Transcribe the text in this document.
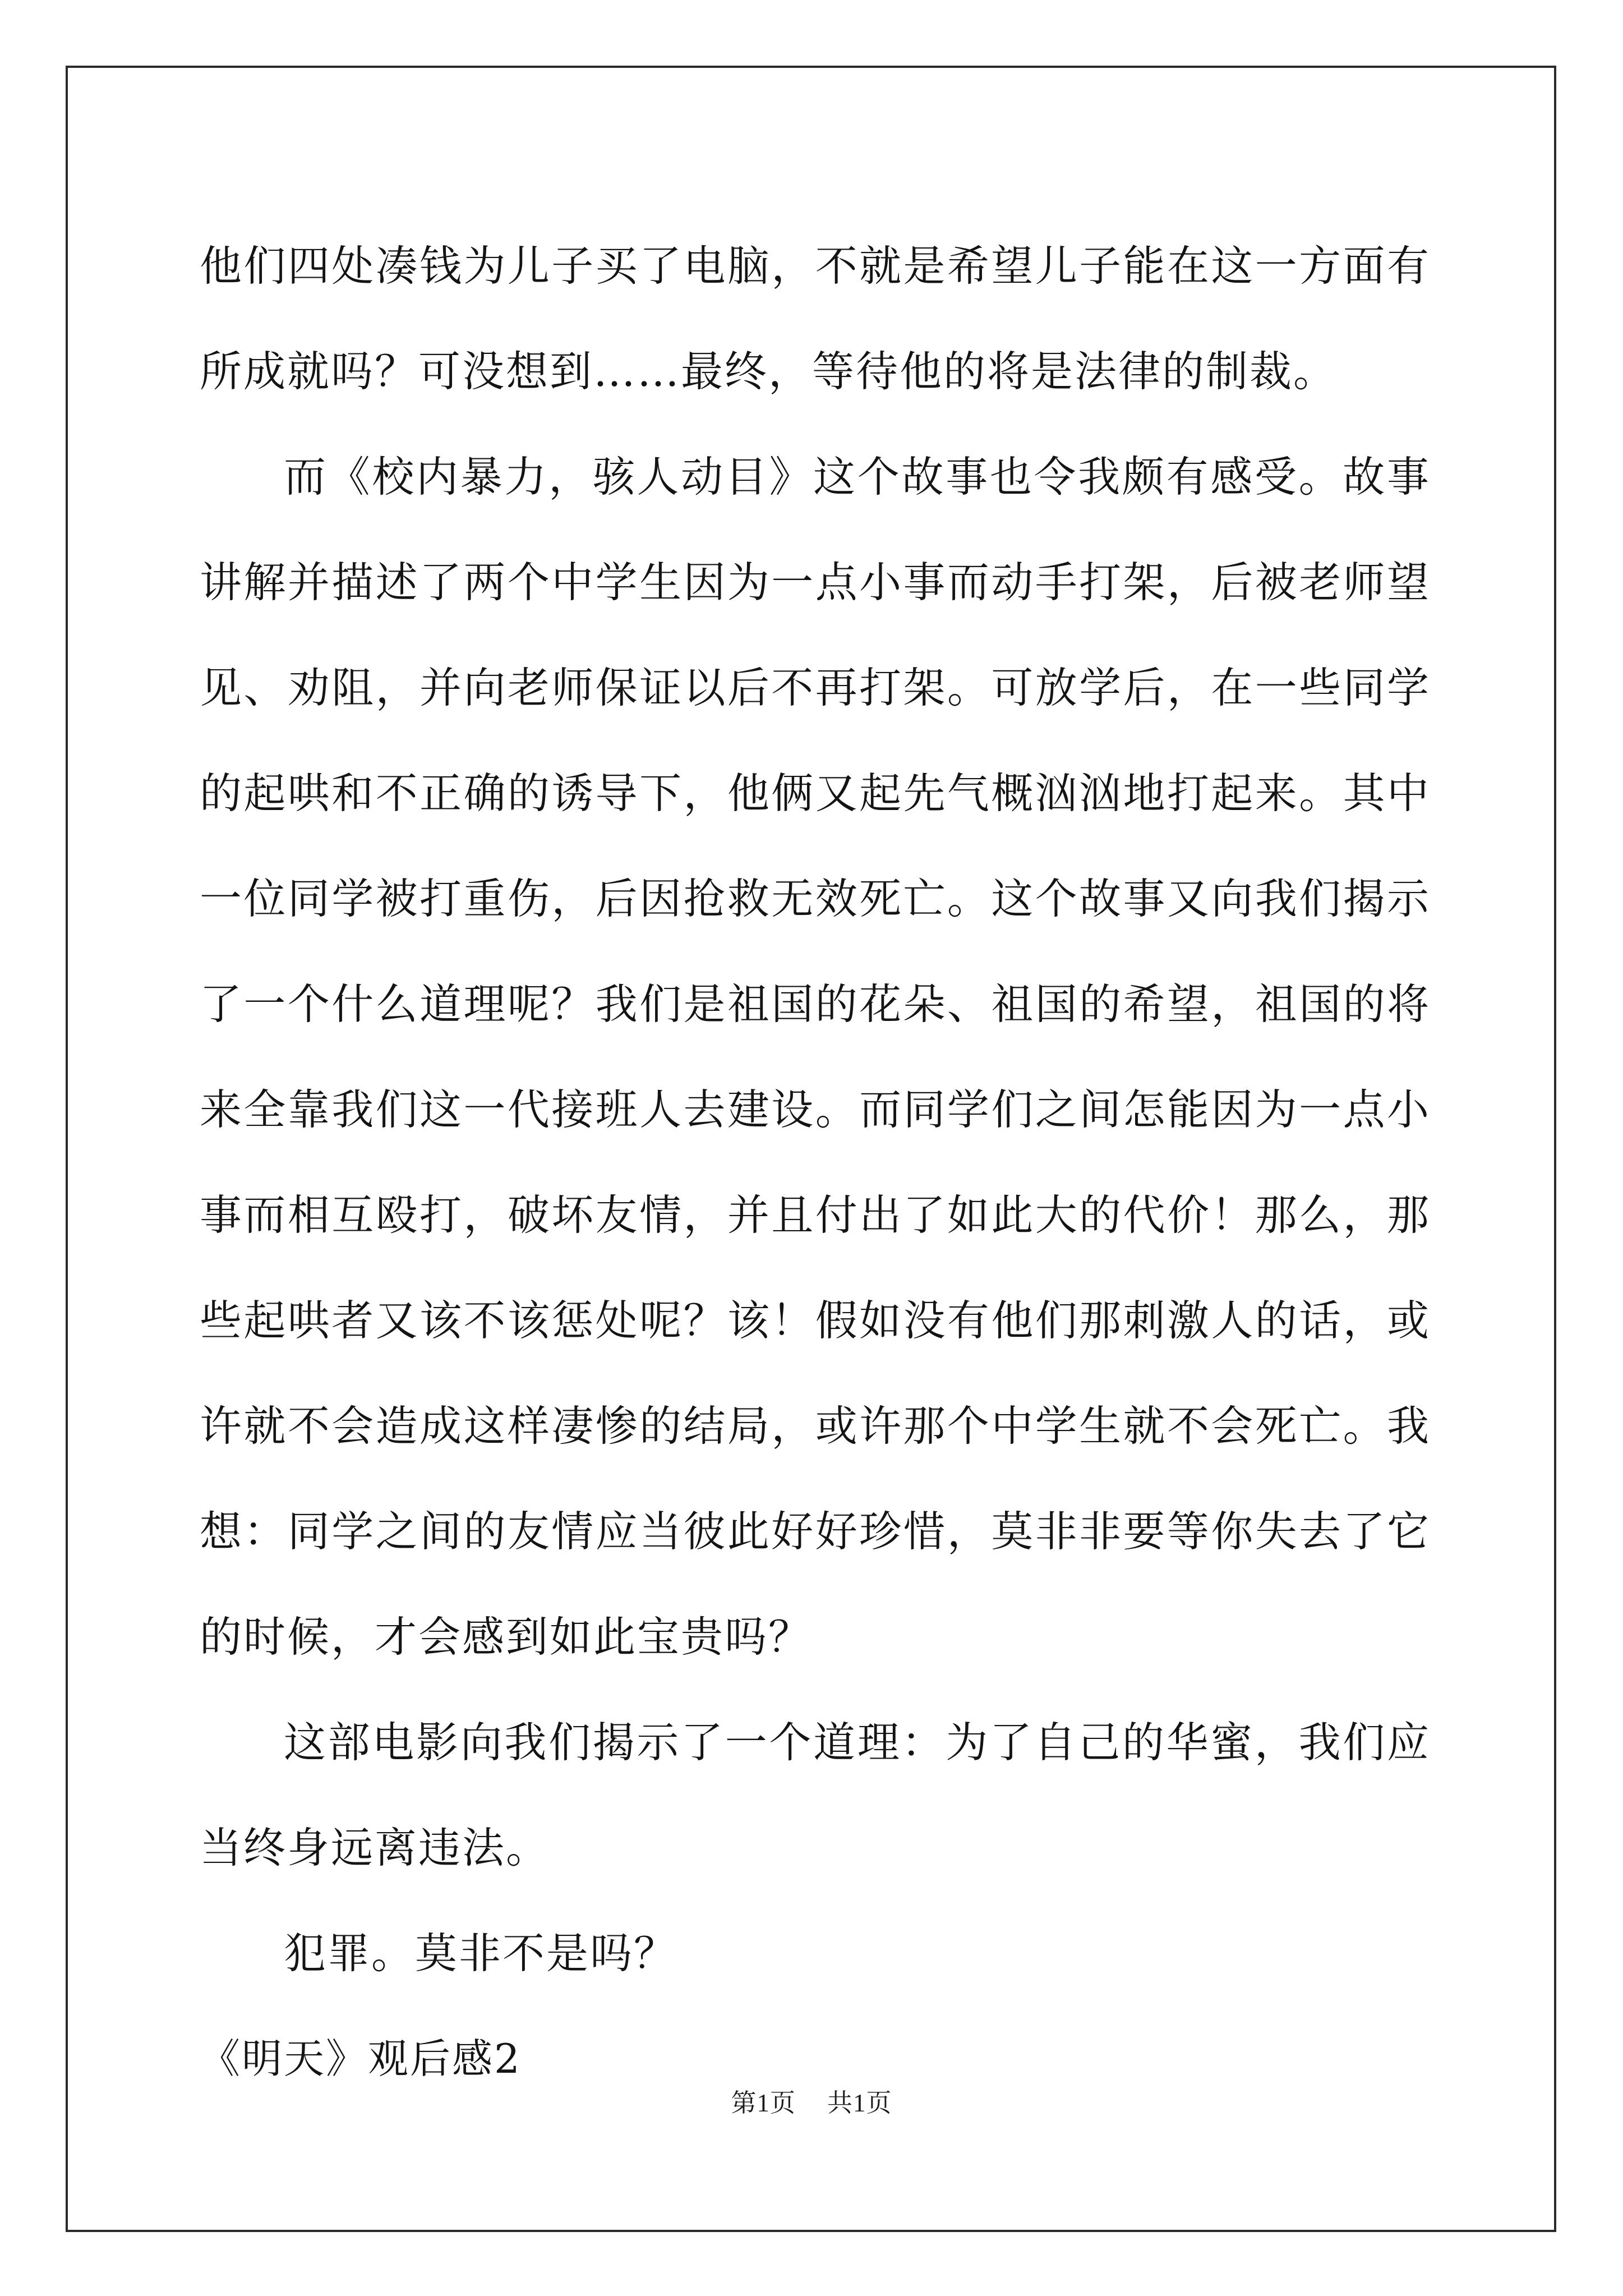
他们四处凑钱为儿子买了电脑，不就是希望儿子能在这一方面有所成就吗？可没想到……最终，等待他的将是法律的制裁。

而《校内暴力，骇人动目》这个故事也令我颇有感受。故事讲解并描述了两个中学生因为一点小事而动手打架，后被老师望见、劝阻，并向老师保证以后不再打架。可放学后，在一些同学的起哄和不正确的诱导下，他俩又起先气概汹汹地打起来。其中一位同学被打重伤，后因抢救无效死亡。这个故事又向我们揭示了一个什么道理呢？我们是祖国的花朵、祖国的希望，祖国的将来全靠我们这一代接班人去建设。而同学们之间怎能因为一点小事而相互殴打，破坏友情，并且付出了如此大的代价！那么，那些起哄者又该不该惩处呢？该！假如没有他们那刺激人的话，或许就不会造成这样凄惨的结局，或许那个中学生就不会死亡。我想：同学之间的友情应当彼此好好珍惜，莫非非要等你失去了它的时候，才会感到如此宝贵吗？

这部电影向我们揭示了一个道理：为了自己的华蜜，我们应当终身远离违法。

犯罪。莫非不是吗？

《明天》观后感2

第1页 共1页
